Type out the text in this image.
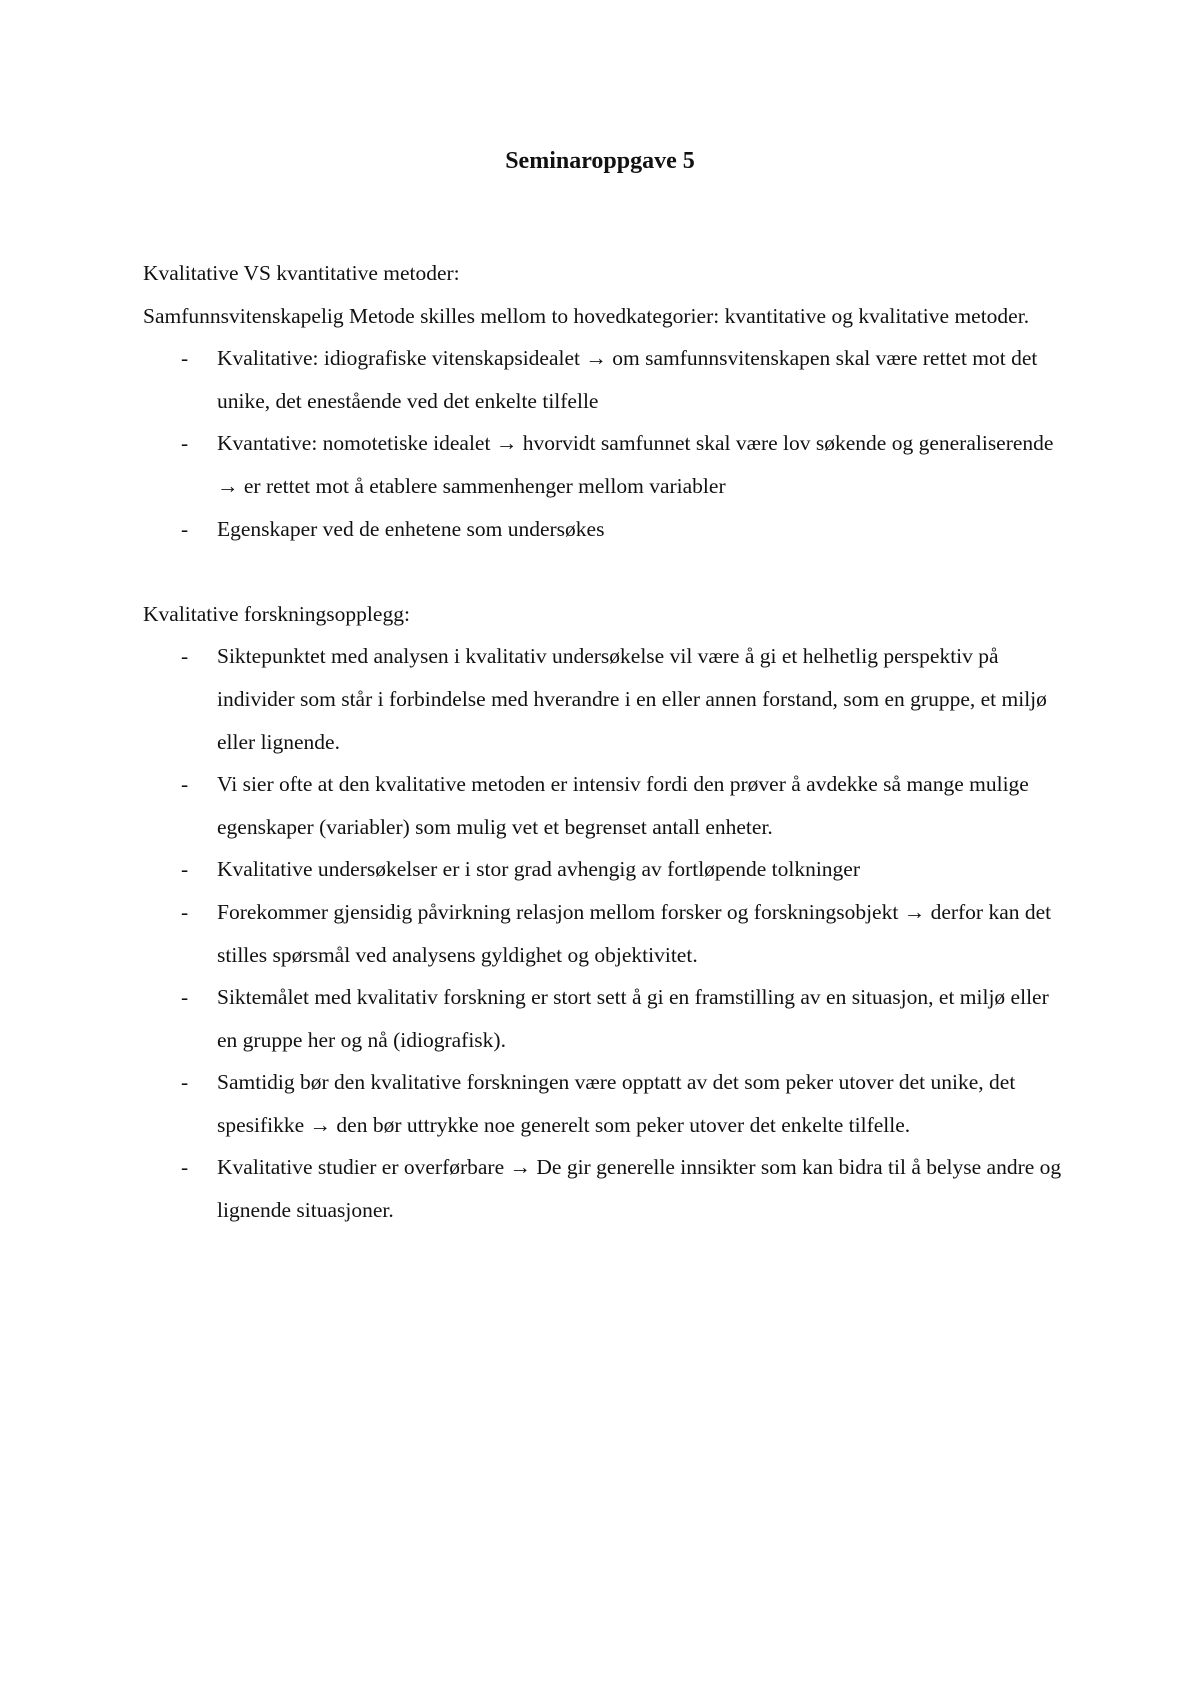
Seminaroppgave 5

Kvalitative VS kvantitative metoder:

Samfunnsvitenskapelig Metode skilles mellom to hovedkategorier: kvantitative og kvalitative metoder.

- Kvalitative: idiografiske vitenskapsidealet → om samfunnsvitenskapen skal være rettet mot det unike, det enestående ved det enkelte tilfelle
- Kvantative: nomotetiske idealet → hvorvidt samfunnet skal være lov søkende og generaliserende → er rettet mot å etablere sammenhenger mellom variabler
- Egenskaper ved de enhetene som undersøkes

Kvalitative forskningsopplegg:

- Siktepunktet med analysen i kvalitativ undersøkelse vil være å gi et helhetlig perspektiv på individer som står i forbindelse med hverandre i en eller annen forstand, som en gruppe, et miljø eller lignende.
- Vi sier ofte at den kvalitative metoden er intensiv fordi den prøver å avdekke så mange mulige egenskaper (variabler) som mulig vet et begrenset antall enheter.
- Kvalitative undersøkelser er i stor grad avhengig av fortløpende tolkninger
- Forekommer gjensidig påvirkning relasjon mellom forsker og forskningsobjekt → derfor kan det stilles spørsmål ved analysens gyldighet og objektivitet.
- Siktemålet med kvalitativ forskning er stort sett å gi en framstilling av en situasjon, et miljø eller en gruppe her og nå (idiografisk).
- Samtidig bør den kvalitative forskningen være opptatt av det som peker utover det unike, det spesifikke → den bør uttrykke noe generelt som peker utover det enkelte tilfelle.
- Kvalitative studier er overførbare → De gir generelle innsikter som kan bidra til å belyse andre og lignende situasjoner.
